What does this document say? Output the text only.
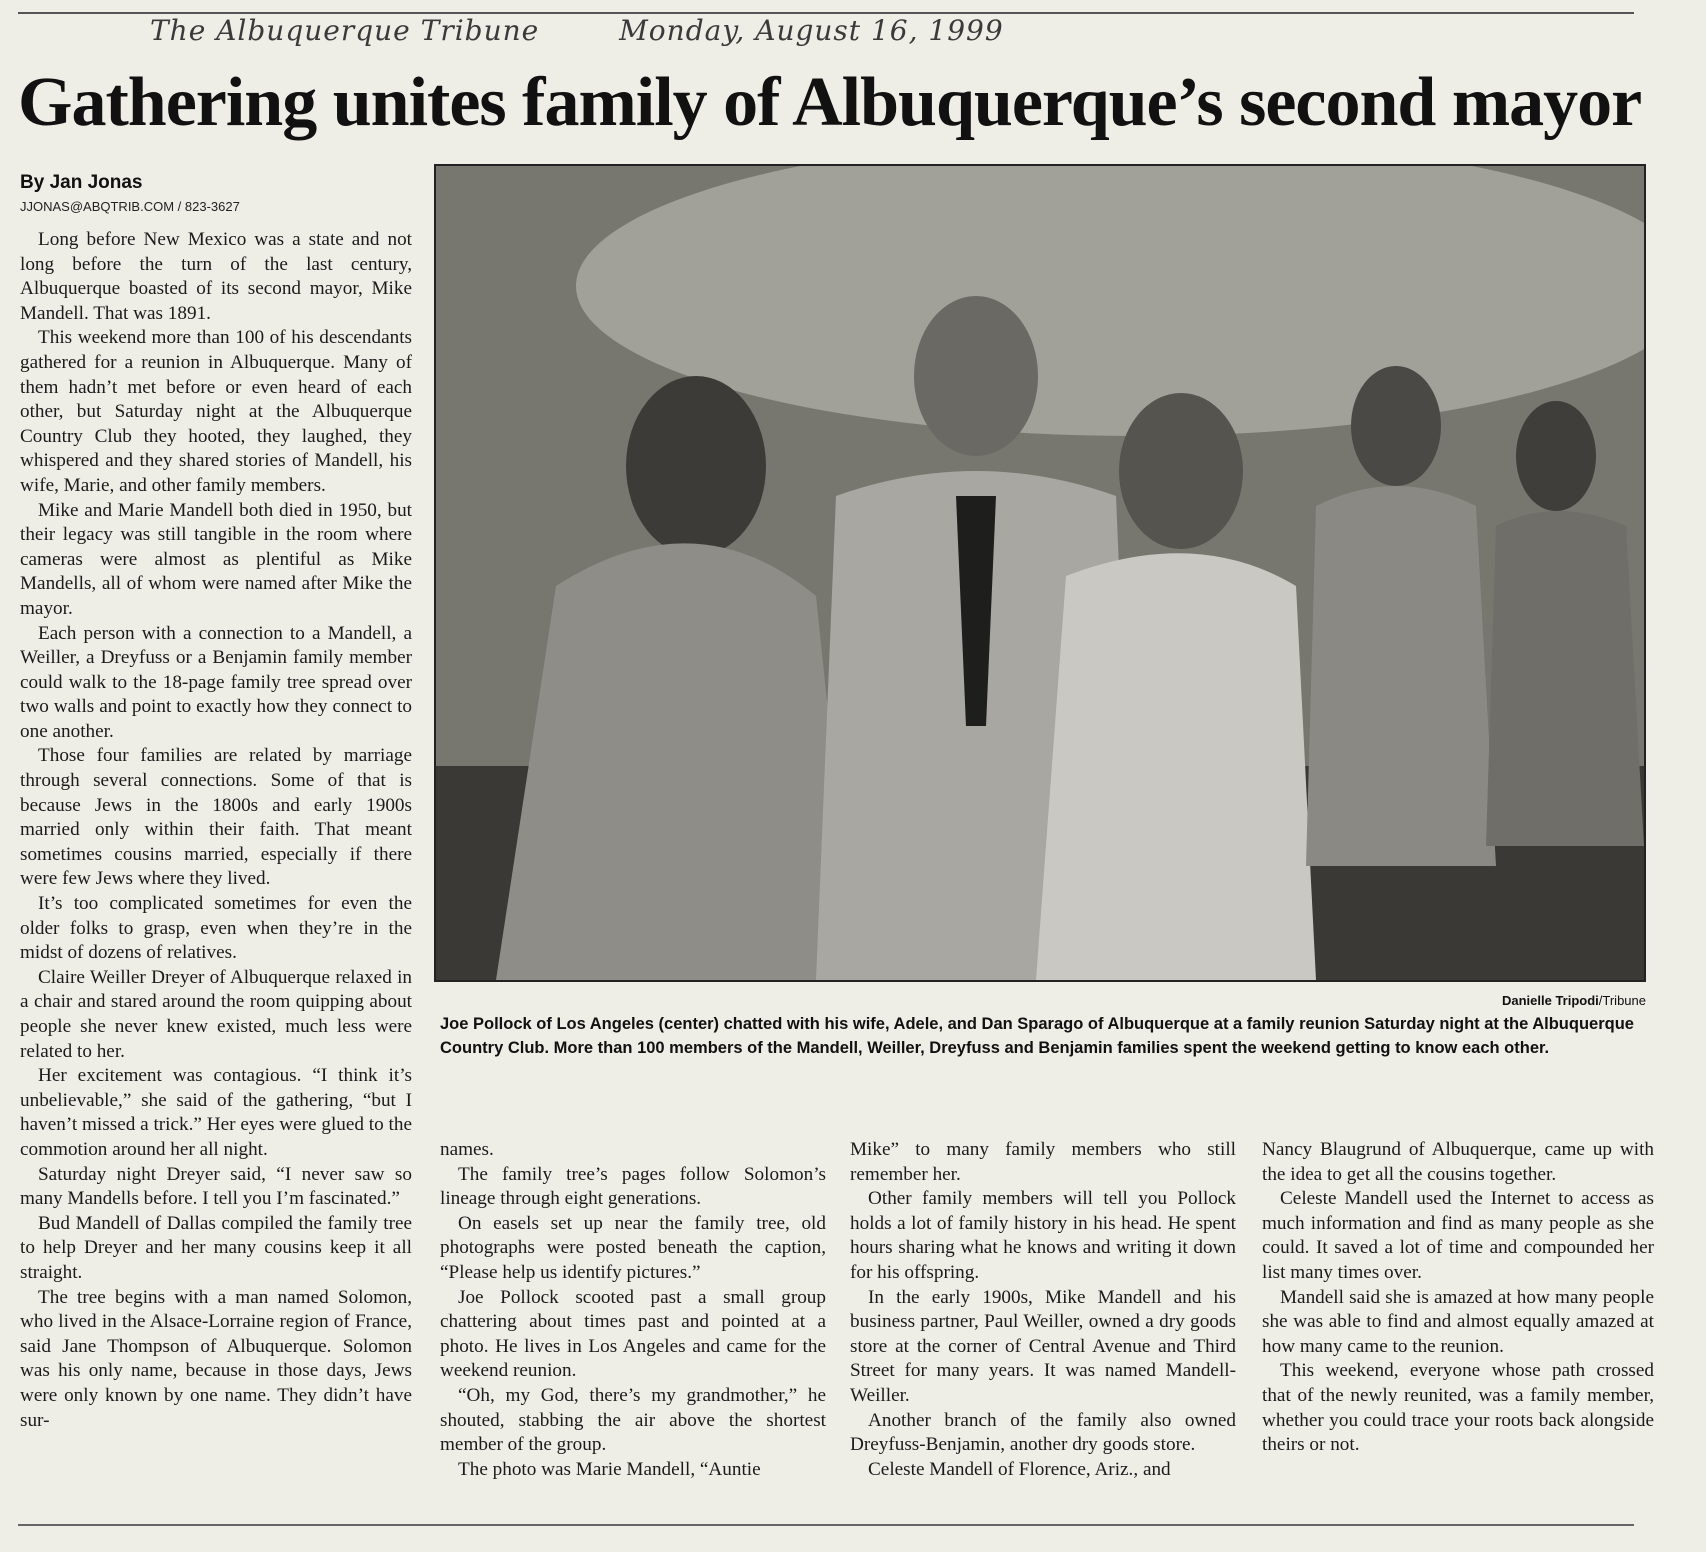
The Albuquerque Tribune	Monday, August 16, 1999
Gathering unites family of Albuquerque’s second mayor
By Jan Jonas
JJONAS@ABQTRIB.COM / 823-3627

Long before New Mexico was a state and not long before the turn of the last century, Albuquerque boasted of its second mayor, Mike Mandell. That was 1891.

This weekend more than 100 of his descendants gathered for a reunion in Albuquerque. Many of them hadn’t met before or even heard of each other, but Saturday night at the Albuquerque Country Club they hooted, they laughed, they whispered and they shared stories of Mandell, his wife, Marie, and other family members.

Mike and Marie Mandell both died in 1950, but their legacy was still tangible in the room where cameras were almost as plentiful as Mike Mandells, all of whom were named after Mike the mayor.

Each person with a connection to a Mandell, a Weiller, a Dreyfuss or a Benjamin family member could walk to the 18-page family tree spread over two walls and point to exactly how they connect to one another.

Those four families are related by marriage through several connections. Some of that is because Jews in the 1800s and early 1900s married only within their faith. That meant sometimes cousins married, especially if there were few Jews where they lived.

It’s too complicated sometimes for even the older folks to grasp, even when they’re in the midst of dozens of relatives.

Claire Weiller Dreyer of Albuquerque relaxed in a chair and stared around the room quipping about people she never knew existed, much less were related to her.

Her excitement was contagious. “I think it’s unbelievable,” she said of the gathering, “but I haven’t missed a trick.” Her eyes were glued to the commotion around her all night.

Saturday night Dreyer said, “I never saw so many Mandells before. I tell you I’m fascinated.”

Bud Mandell of Dallas compiled the family tree to help Dreyer and her many cousins keep it all straight.

The tree begins with a man named Solomon, who lived in the Alsace-Lorraine region of France, said Jane Thompson of Albuquerque. Solomon was his only name, because in those days, Jews were only known by one name. They didn’t have sur-

Danielle Tripodi/Tribune
Joe Pollock of Los Angeles (center) chatted with his wife, Adele, and Dan Sparago of Albuquerque at a family reunion Saturday night at the Albuquerque Country Club. More than 100 members of the Mandell, Weiller, Dreyfuss and Benjamin families spent the weekend getting to know each other.

names.

The family tree’s pages follow Solomon’s lineage through eight generations.

On easels set up near the family tree, old photographs were posted beneath the caption, “Please help us identify pictures.”

Joe Pollock scooted past a small group chattering about times past and pointed at a photo. He lives in Los Angeles and came for the weekend reunion.

“Oh, my God, there’s my grandmother,” he shouted, stabbing the air above the shortest member of the group.

The photo was Marie Mandell, “Auntie

Mike” to many family members who still remember her.

Other family members will tell you Pollock holds a lot of family history in his head. He spent hours sharing what he knows and writing it down for his offspring.

In the early 1900s, Mike Mandell and his business partner, Paul Weiller, owned a dry goods store at the corner of Central Avenue and Third Street for many years. It was named Mandell-Weiller.

Another branch of the family also owned Dreyfuss-Benjamin, another dry goods store.

Celeste Mandell of Florence, Ariz., and

Nancy Blaugrund of Albuquerque, came up with the idea to get all the cousins together.

Celeste Mandell used the Internet to access as much information and find as many people as she could. It saved a lot of time and compounded her list many times over.

Mandell said she is amazed at how many people she was able to find and almost equally amazed at how many came to the reunion.

This weekend, everyone whose path crossed that of the newly reunited, was a family member, whether you could trace your roots back alongside theirs or not.
